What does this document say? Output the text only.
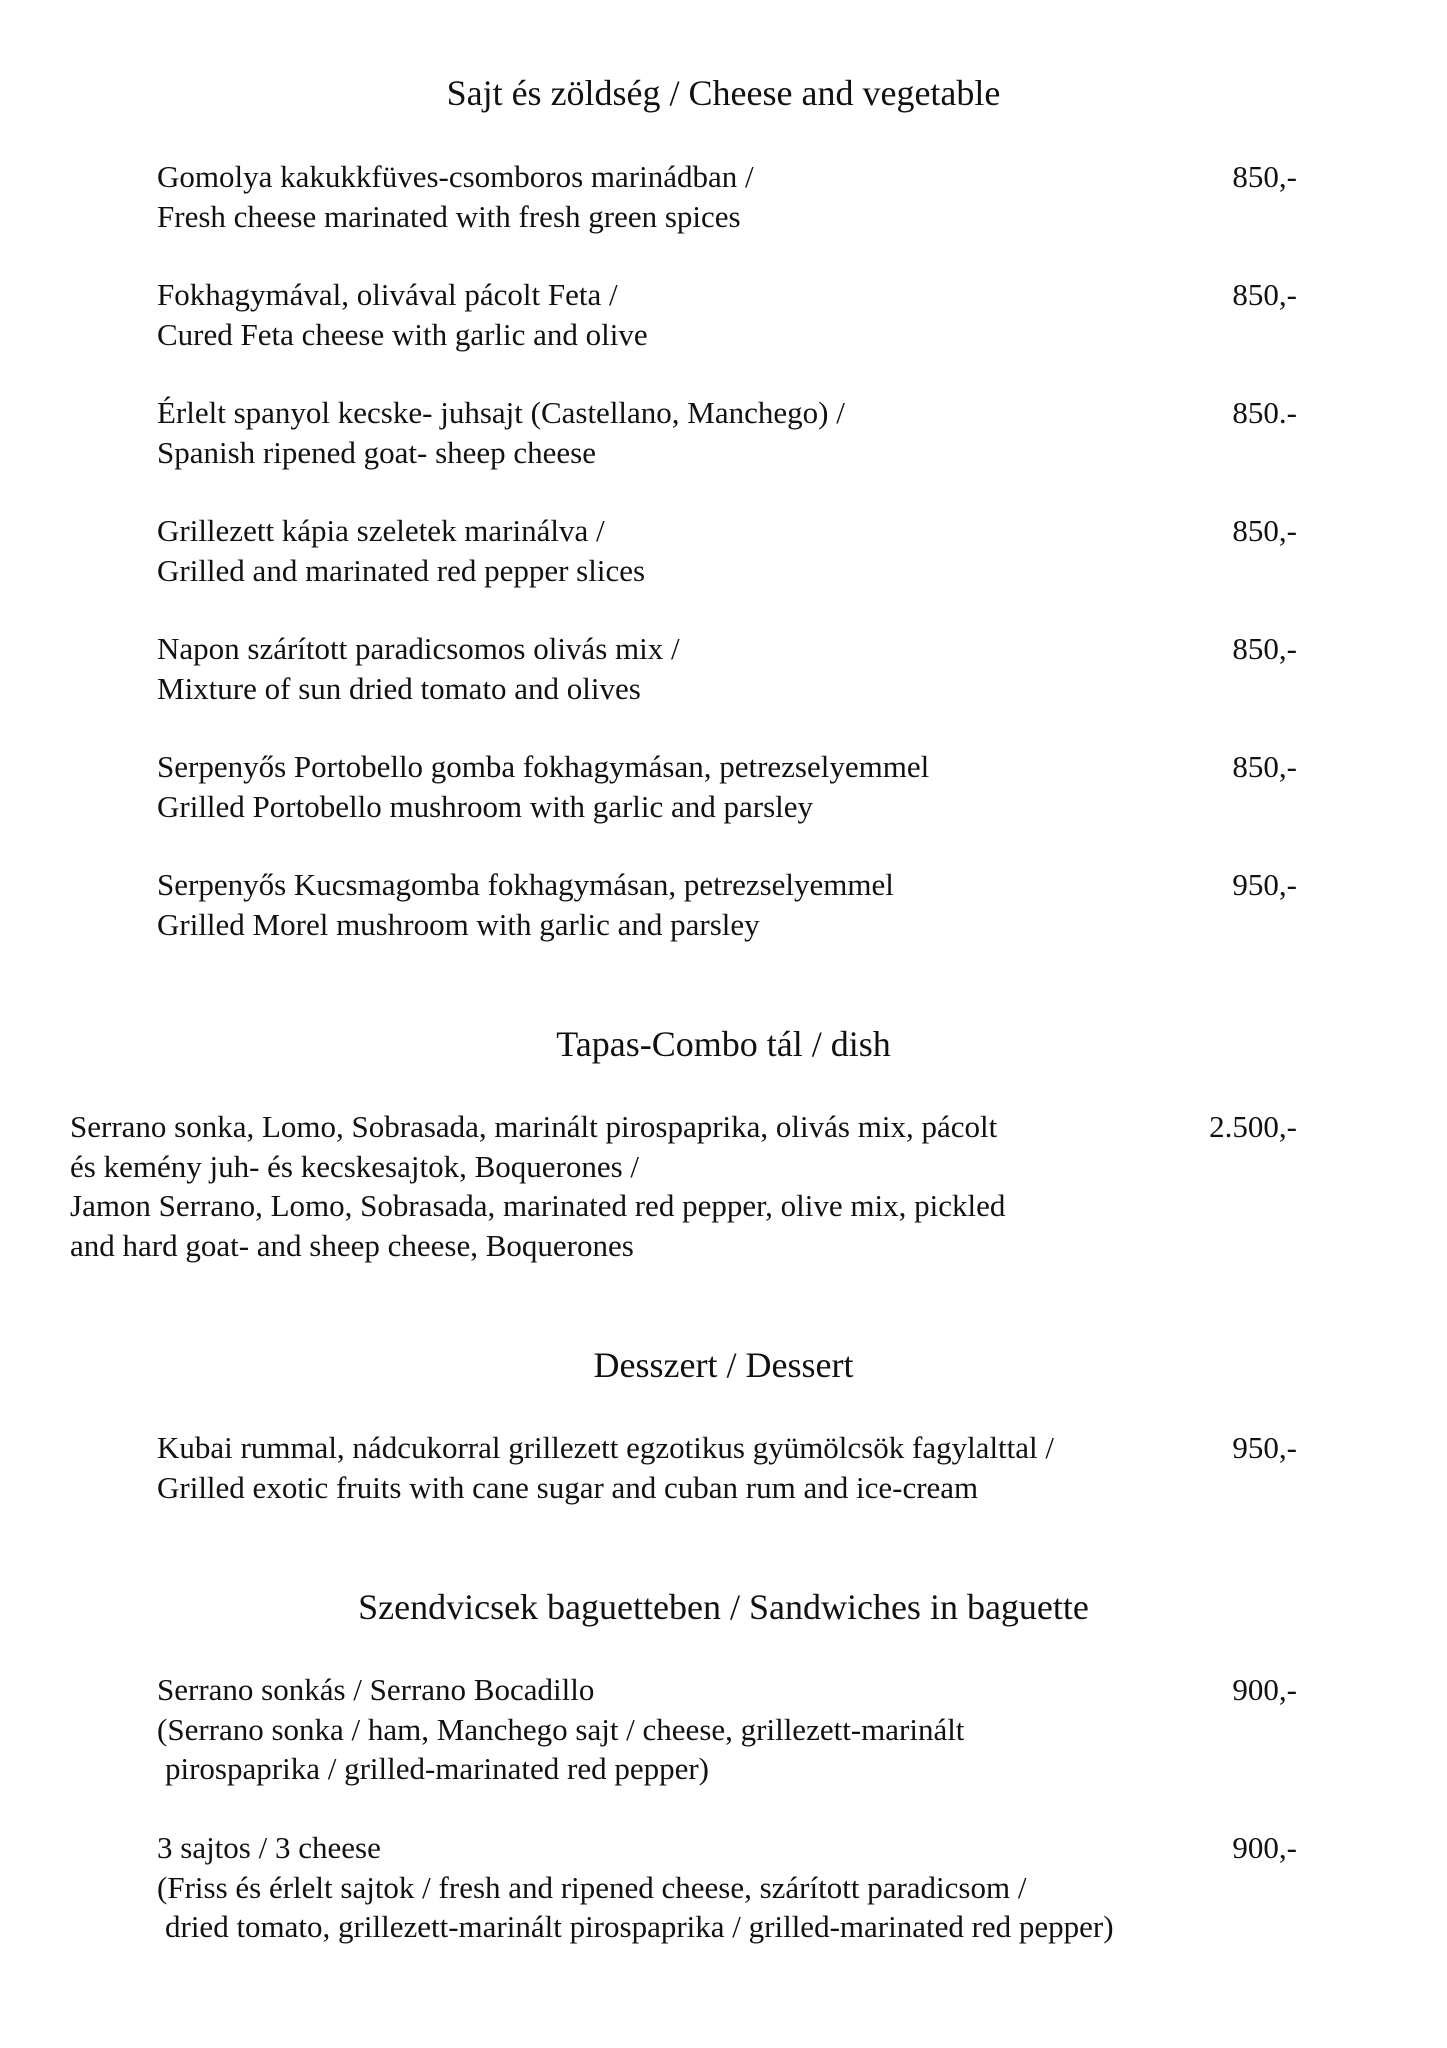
Sajt és zöldség / Cheese and vegetable
Gomolya kakukkfüves-csomboros marinádban /
Fresh cheese marinated with fresh green spices
850,-
Fokhagymával, olivával pácolt Feta /
Cured Feta cheese with garlic and olive
850,-
Érlelt spanyol kecske- juhsajt (Castellano, Manchego) /
Spanish ripened goat- sheep cheese
850.-
Grillezett kápia szeletek marinálva /
Grilled and marinated red pepper slices
850,-
Napon szárított paradicsomos olivás mix /
Mixture of sun dried tomato and olives
850,-
Serpenyős Portobello gomba fokhagymásan, petrezselyemmel
Grilled Portobello mushroom with garlic and parsley
850,-
Serpenyős Kucsmagomba fokhagymásan, petrezselyemmel
Grilled Morel mushroom with garlic and parsley
950,-
Tapas-Combo tál / dish
Serrano sonka, Lomo, Sobrasada, marinált pirospaprika, olivás mix, pácolt
és kemény juh- és kecskesajtok, Boquerones /
Jamon Serrano, Lomo, Sobrasada, marinated red pepper, olive mix, pickled
and hard goat- and sheep cheese, Boquerones
2.500,-
Desszert / Dessert
Kubai rummal, nádcukorral grillezett egzotikus gyümölcsök fagylalttal /
Grilled exotic fruits with cane sugar and cuban rum and ice-cream
950,-
Szendvicsek baguetteben / Sandwiches in baguette
Serrano sonkás / Serrano Bocadillo
(Serrano sonka / ham, Manchego sajt / cheese, grillezett-marinált
pirospaprika / grilled-marinated red pepper)
900,-
3 sajtos / 3 cheese
(Friss és érlelt sajtok / fresh and ripened cheese, szárított paradicsom /
dried tomato, grillezett-marinált pirospaprika / grilled-marinated red pepper)
900,-
